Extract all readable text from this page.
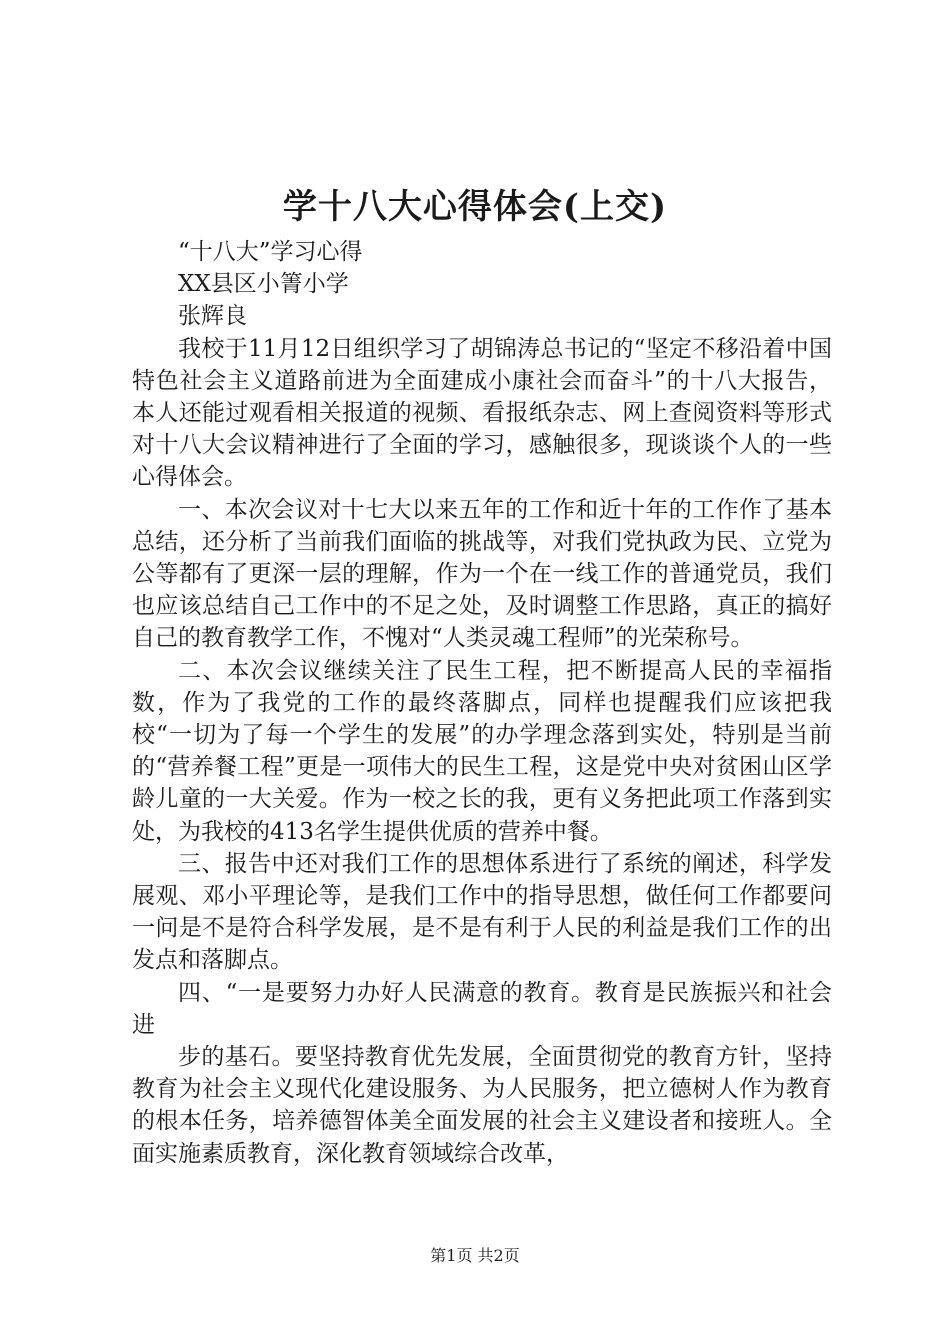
学十八大心得体会(上交)

“十八大”学习心得

XX县区小箐小学

张辉良

我校于11月12日组织学习了胡锦涛总书记的“坚定不移沿着中国特色社会主义道路前进为全面建成小康社会而奋斗”的十八大报告，本人还能过观看相关报道的视频、看报纸杂志、网上查阅资料等形式对十八大会议精神进行了全面的学习，感触很多，现谈谈个人的一些心得体会。

一、本次会议对十七大以来五年的工作和近十年的工作作了基本总结，还分析了当前我们面临的挑战等，对我们党执政为民、立党为公等都有了更深一层的理解，作为一个在一线工作的普通党员，我们也应该总结自己工作中的不足之处，及时调整工作思路，真正的搞好自己的教育教学工作，不愧对“人类灵魂工程师”的光荣称号。

二、本次会议继续关注了民生工程，把不断提高人民的幸福指数，作为了我党的工作的最终落脚点，同样也提醒我们应该把我校“一切为了每一个学生的发展”的办学理念落到实处，特别是当前的“营养餐工程”更是一项伟大的民生工程，这是党中央对贫困山区学龄儿童的一大关爱。作为一校之长的我，更有义务把此项工作落到实处，为我校的413名学生提供优质的营养中餐。

三、报告中还对我们工作的思想体系进行了系统的阐述，科学发展观、邓小平理论等，是我们工作中的指导思想，做任何工作都要问一问是不是符合科学发展，是不是有利于人民的利益是我们工作的出发点和落脚点。

四、“一是要努力办好人民满意的教育。教育是民族振兴和社会进

步的基石。要坚持教育优先发展，全面贯彻党的教育方针，坚持教育为社会主义现代化建设服务、为人民服务，把立德树人作为教育的根本任务，培养德智体美全面发展的社会主义建设者和接班人。全面实施素质教育，深化教育领域综合改革，

第1页 共2页
